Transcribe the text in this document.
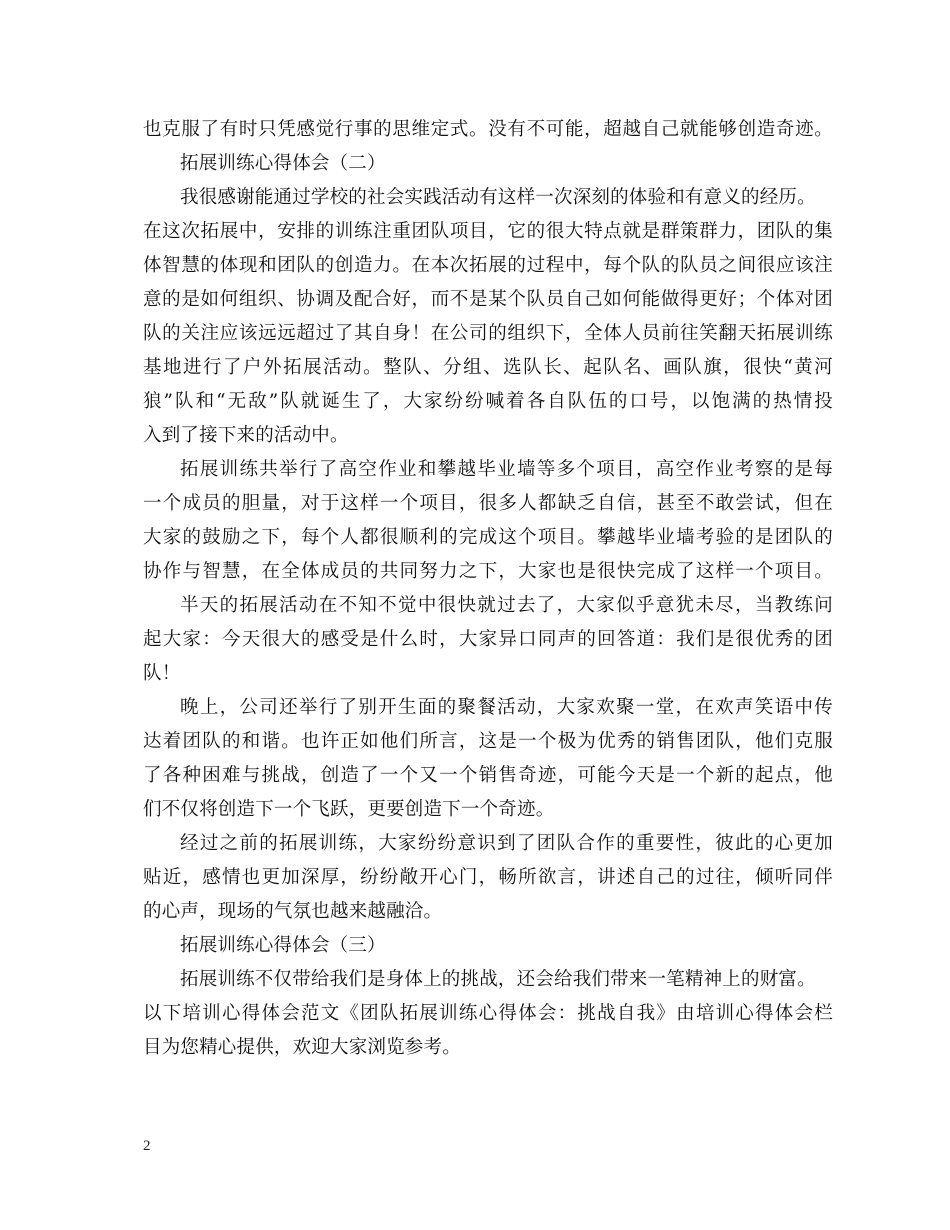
也克服了有时只凭感觉行事的思维定式。没有不可能，超越自己就能够创造奇迹。
拓展训练心得体会（二）
我很感谢能通过学校的社会实践活动有这样一次深刻的体验和有意义的经历。
在这次拓展中，安排的训练注重团队项目，它的很大特点就是群策群力，团队的集
体智慧的体现和团队的创造力。在本次拓展的过程中，每个队的队员之间很应该注
意的是如何组织、协调及配合好，而不是某个队员自己如何能做得更好；个体对团
队的关注应该远远超过了其自身！在公司的组织下，全体人员前往笑翻天拓展训练
基地进行了户外拓展活动。整队、分组、选队长、起队名、画队旗，很快“黄河
狼”队和“无敌”队就诞生了，大家纷纷喊着各自队伍的口号，以饱满的热情投
入到了接下来的活动中。
拓展训练共举行了高空作业和攀越毕业墙等多个项目，高空作业考察的是每
一个成员的胆量，对于这样一个项目，很多人都缺乏自信，甚至不敢尝试，但在
大家的鼓励之下，每个人都很顺利的完成这个项目。攀越毕业墙考验的是团队的
协作与智慧，在全体成员的共同努力之下，大家也是很快完成了这样一个项目。
半天的拓展活动在不知不觉中很快就过去了，大家似乎意犹未尽，当教练问
起大家：今天很大的感受是什么时，大家异口同声的回答道：我们是很优秀的团
队！
晚上，公司还举行了别开生面的聚餐活动，大家欢聚一堂，在欢声笑语中传
达着团队的和谐。也许正如他们所言，这是一个极为优秀的销售团队，他们克服
了各种困难与挑战，创造了一个又一个销售奇迹，可能今天是一个新的起点，他
们不仅将创造下一个飞跃，更要创造下一个奇迹。
经过之前的拓展训练，大家纷纷意识到了团队合作的重要性，彼此的心更加
贴近，感情也更加深厚，纷纷敞开心门，畅所欲言，讲述自己的过往，倾听同伴
的心声，现场的气氛也越来越融洽。
拓展训练心得体会（三）
拓展训练不仅带给我们是身体上的挑战，还会给我们带来一笔精神上的财富。
以下培训心得体会范文《团队拓展训练心得体会：挑战自我》由培训心得体会栏
目为您精心提供，欢迎大家浏览参考。
2
